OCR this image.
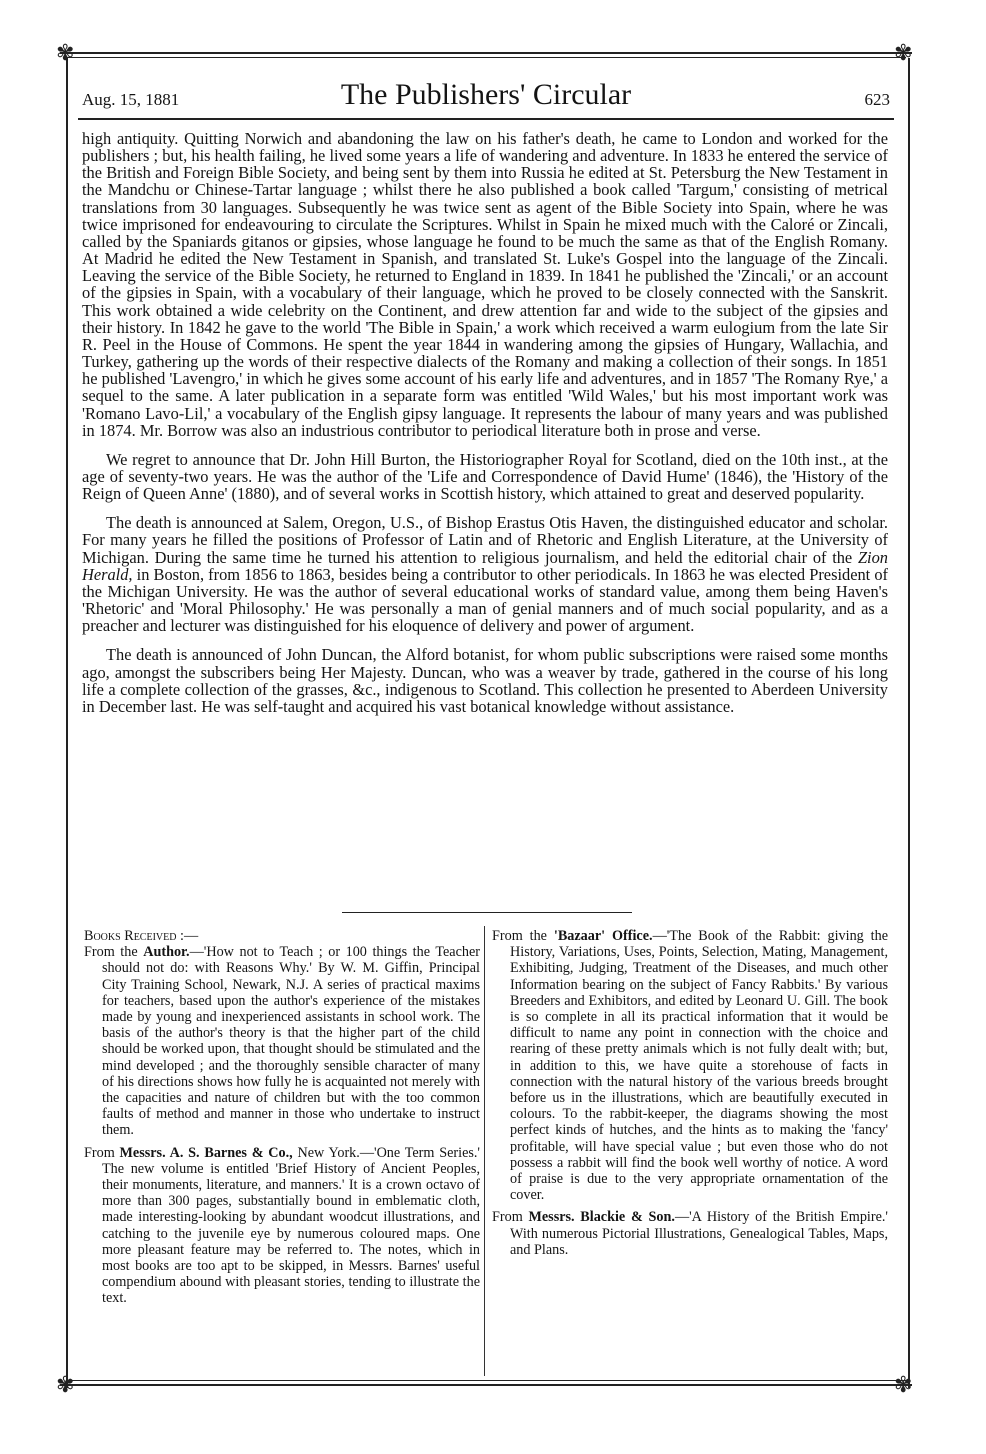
✾	✾
✾	✾
Aug. 15, 1881	The Publishers' Circular	623

high antiquity. Quitting Norwich and abandoning the law on his father's death, he came to London and worked for the publishers ; but, his health failing, he lived some years a life of wandering and adventure. In 1833 he entered the service of the British and Foreign Bible Society, and being sent by them into Russia he edited at St. Petersburg the New Testament in the Mandchu or Chinese-Tartar language ; whilst there he also published a book called 'Targum,' consisting of metrical translations from 30 languages. Subsequently he was twice sent as agent of the Bible Society into Spain, where he was twice imprisoned for endeavouring to circulate the Scriptures. Whilst in Spain he mixed much with the Caloré or Zincali, called by the Spaniards gitanos or gipsies, whose language he found to be much the same as that of the English Romany. At Madrid he edited the New Testament in Spanish, and translated St. Luke's Gospel into the language of the Zincali. Leaving the service of the Bible Society, he returned to England in 1839. In 1841 he published the 'Zincali,' or an account of the gipsies in Spain, with a vocabulary of their language, which he proved to be closely connected with the Sanskrit. This work obtained a wide celebrity on the Continent, and drew attention far and wide to the subject of the gipsies and their history. In 1842 he gave to the world 'The Bible in Spain,' a work which received a warm eulogium from the late Sir R. Peel in the House of Commons. He spent the year 1844 in wandering among the gipsies of Hungary, Wallachia, and Turkey, gathering up the words of their respective dialects of the Romany and making a collection of their songs. In 1851 he published 'Lavengro,' in which he gives some account of his early life and adventures, and in 1857 'The Romany Rye,' a sequel to the same. A later publication in a separate form was entitled 'Wild Wales,' but his most important work was 'Romano Lavo-Lil,' a vocabulary of the English gipsy language. It represents the labour of many years and was published in 1874. Mr. Borrow was also an industrious contributor to periodical literature both in prose and verse.

We regret to announce that Dr. John Hill Burton, the Historiographer Royal for Scotland, died on the 10th inst., at the age of seventy-two years. He was the author of the 'Life and Correspondence of David Hume' (1846), the 'History of the Reign of Queen Anne' (1880), and of several works in Scottish history, which attained to great and deserved popularity.

The death is announced at Salem, Oregon, U.S., of Bishop Erastus Otis Haven, the distinguished educator and scholar. For many years he filled the positions of Professor of Latin and of Rhetoric and English Literature, at the University of Michigan. During the same time he turned his attention to religious journalism, and held the editorial chair of the Zion Herald, in Boston, from 1856 to 1863, besides being a contributor to other periodicals. In 1863 he was elected President of the Michigan University. He was the author of several educational works of standard value, among them being Haven's 'Rhetoric' and 'Moral Philosophy.' He was personally a man of genial manners and of much social popularity, and as a preacher and lecturer was distinguished for his eloquence of delivery and power of argument.

The death is announced of John Duncan, the Alford botanist, for whom public subscriptions were raised some months ago, amongst the subscribers being Her Majesty. Duncan, who was a weaver by trade, gathered in the course of his long life a complete collection of the grasses, &c., indigenous to Scotland. This collection he presented to Aberdeen University in December last. He was self-taught and acquired his vast botanical knowledge without assistance.

Books Received :—

From the Author.—'How not to Teach ; or 100 things the Teacher should not do: with Reasons Why.' By W. M. Giffin, Principal City Training School, Newark, N.J. A series of practical maxims for teachers, based upon the author's experience of the mistakes made by young and inexperienced assistants in school work. The basis of the author's theory is that the higher part of the child should be worked upon, that thought should be stimulated and the mind developed ; and the thoroughly sensible character of many of his directions shows how fully he is acquainted not merely with the capacities and nature of children but with the too common faults of method and manner in those who undertake to instruct them.

From Messrs. A. S. Barnes & Co., New York.—'One Term Series.' The new volume is entitled 'Brief History of Ancient Peoples, their monuments, literature, and manners.' It is a crown octavo of more than 300 pages, substantially bound in emblematic cloth, made interesting-looking by abundant woodcut illustrations, and catching to the juvenile eye by numerous coloured maps. One more pleasant feature may be referred to. The notes, which in most books are too apt to be skipped, in Messrs. Barnes' useful compendium abound with pleasant stories, tending to illustrate the text.

From the 'Bazaar' Office.—'The Book of the Rabbit: giving the History, Variations, Uses, Points, Selection, Mating, Management, Exhibiting, Judging, Treatment of the Diseases, and much other Information bearing on the subject of Fancy Rabbits.' By various Breeders and Exhibitors, and edited by Leonard U. Gill. The book is so complete in all its practical information that it would be difficult to name any point in connection with the choice and rearing of these pretty animals which is not fully dealt with; but, in addition to this, we have quite a storehouse of facts in connection with the natural history of the various breeds brought before us in the illustrations, which are beautifully executed in colours. To the rabbit-keeper, the diagrams showing the most perfect kinds of hutches, and the hints as to making the 'fancy' profitable, will have special value ; but even those who do not possess a rabbit will find the book well worthy of notice. A word of praise is due to the very appropriate ornamentation of the cover.

From Messrs. Blackie & Son.—'A History of the British Empire.' With numerous Pictorial Illustrations, Genealogical Tables, Maps, and Plans.
